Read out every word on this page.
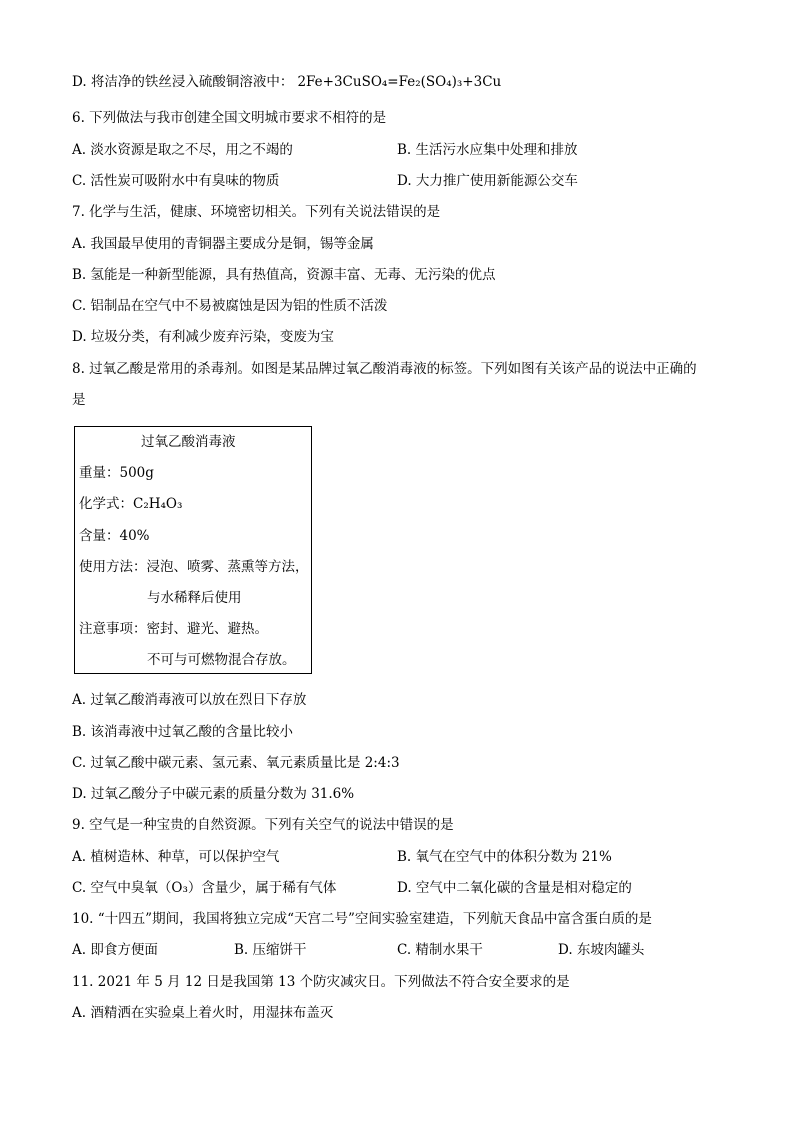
D. 将洁净的铁丝浸入硫酸铜溶液中： 2Fe+3CuSO₄=Fe₂(SO₄)₃+3Cu
6. 下列做法与我市创建全国文明城市要求不相符的是
A. 淡水资源是取之不尽，用之不竭的	B. 生活污水应集中处理和排放
C. 活性炭可吸附水中有臭味的物质	D. 大力推广使用新能源公交车
7. 化学与生活，健康、环境密切相关。下列有关说法错误的是
A. 我国最早使用的青铜器主要成分是铜，锡等金属
B. 氢能是一种新型能源，具有热值高，资源丰富、无毒、无污染的优点
C. 铝制品在空气中不易被腐蚀是因为铝的性质不活泼
D. 垃圾分类，有利减少废弃污染，变废为宝
8. 过氧乙酸是常用的杀毒剂。如图是某品牌过氧乙酸消毒液的标签。下列如图有关该产品的说法中正确的
是
过氧乙酸消毒液
重量：500g
化学式：C₂H₄O₃
含量：40%
使用方法：浸泡、喷雾、蒸熏等方法，
与水稀释后使用
注意事项：密封、避光、避热。
不可与可燃物混合存放。
A. 过氧乙酸消毒液可以放在烈日下存放
B. 该消毒液中过氧乙酸的含量比较小
C. 过氧乙酸中碳元素、氢元素、氧元素质量比是 2:4:3
D. 过氧乙酸分子中碳元素的质量分数为 31.6%
9. 空气是一种宝贵的自然资源。下列有关空气的说法中错误的是
A. 植树造林、种草，可以保护空气	B. 氧气在空气中的体积分数为 21%
C. 空气中臭氧（O₃）含量少，属于稀有气体	D. 空气中二氧化碳的含量是相对稳定的
10. “十四五”期间，我国将独立完成“天宫二号”空间实验室建造，下列航天食品中富含蛋白质的是
A. 即食方便面	B. 压缩饼干	C. 精制水果干	D. 东坡肉罐头
11. 2021 年 5 月 12 日是我国第 13 个防灾减灾日。下列做法不符合安全要求的是
A. 酒精洒在实验桌上着火时，用湿抹布盖灭
